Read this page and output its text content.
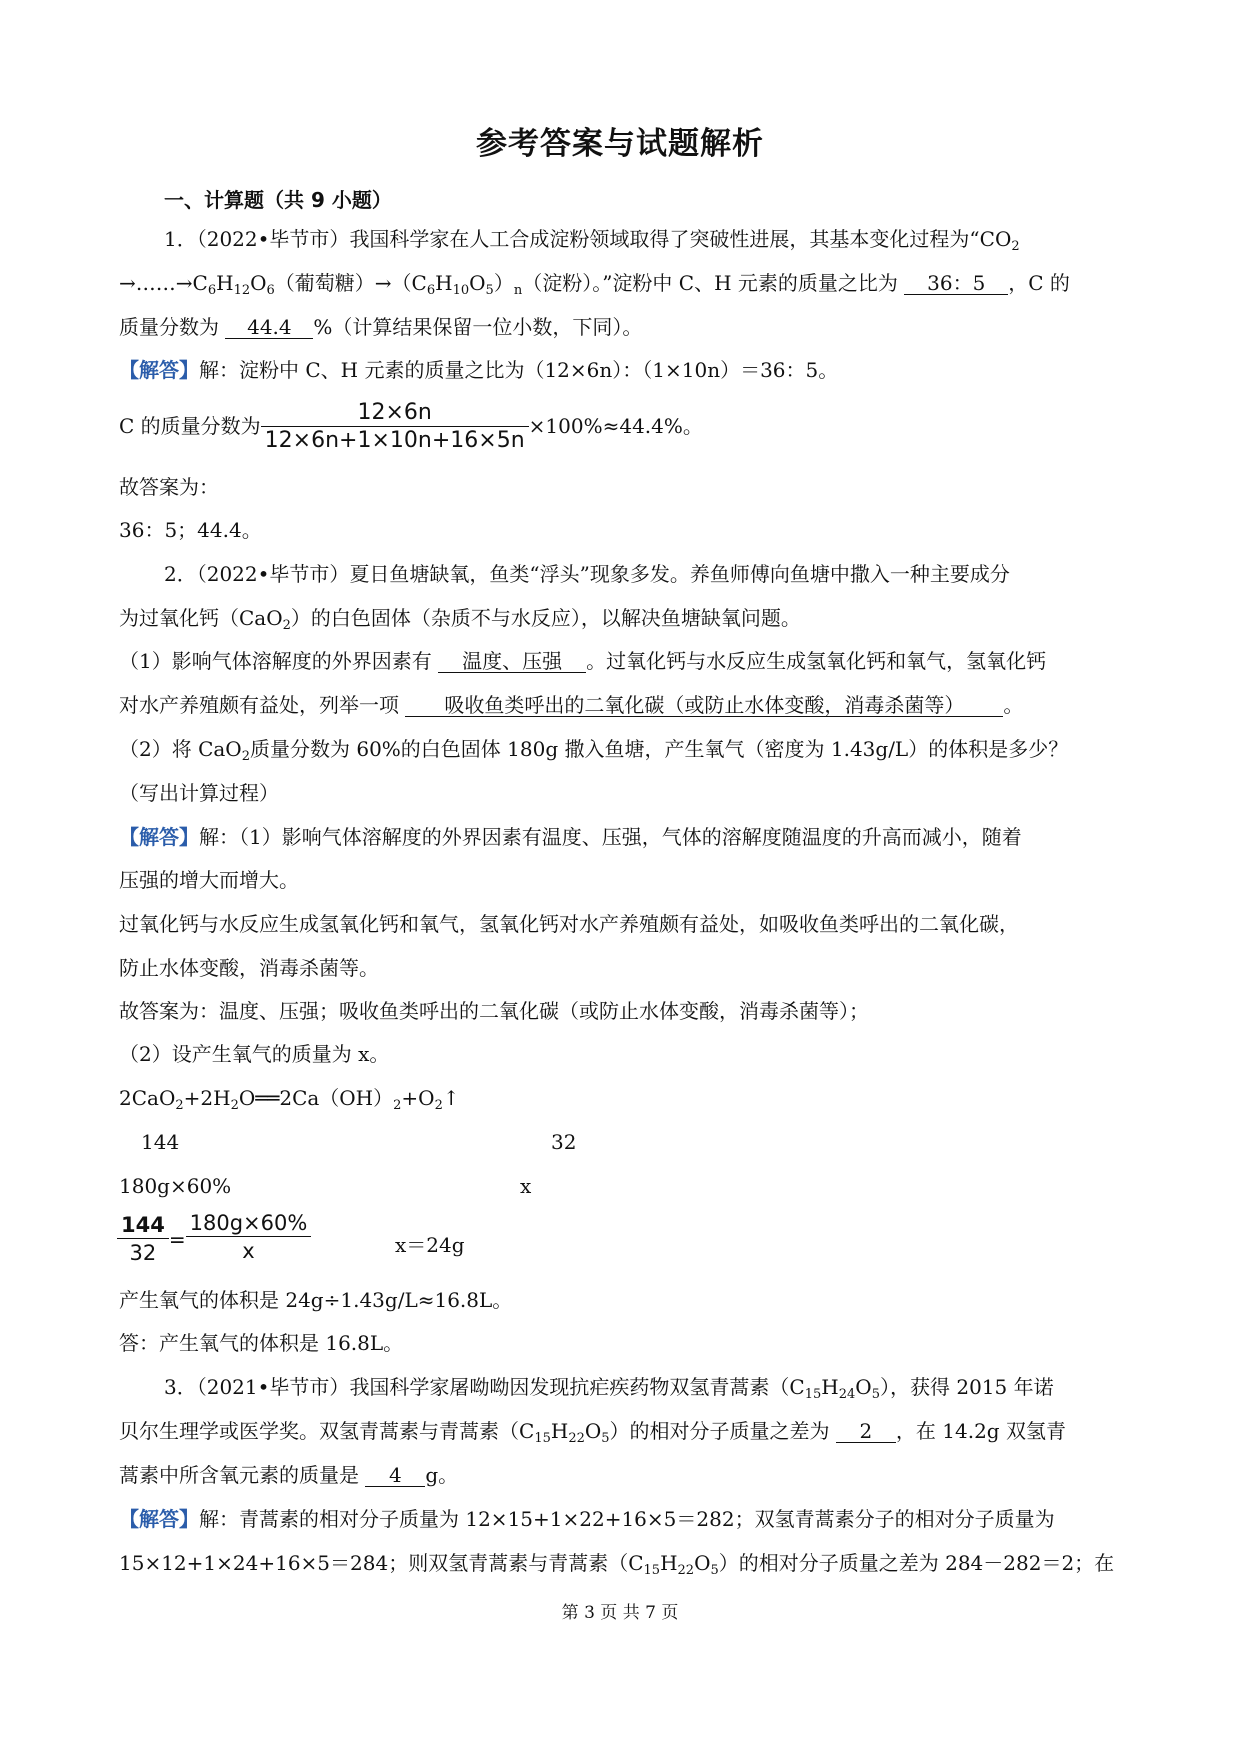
参考答案与试题解析
一、计算题（共 9 小题）
1．（2022•毕节市）我国科学家在人工合成淀粉领域取得了突破性进展，其基本变化过程为“$CO_2$
$\to\dots\dots\to C_6H_{12}O_6$（葡萄糖）$\to(C_6H_{10}O_5)_n$（淀粉）。”淀粉中 C、H 元素的质量之比为 36：5 ，C 的
质量分数为 44.4 %（计算结果保留一位小数，下同）。
【解答】解：淀粉中 C、H 元素的质量之比为（12×6n）：（1×10n）＝36：5。
C 的质量分数为 $\frac{12\times 6n}{12\times 6n+1\times 10n+16\times 5n} \times 100\%\approx 44.4\%$。
故答案为：
36：5；44.4。
2．（2022•毕节市）夏日鱼塘缺氧，鱼类“浮头”现象多发。养鱼师傅向鱼塘中撒入一种主要成分
为过氧化钙（CaO$_2$）的白色固体（杂质不与水反应），以解决鱼塘缺氧问题。
（1）影响气体溶解度的外界因素有 温度、压强 。过氧化钙与水反应生成氢氧化钙和氧气，氢氧化钙
对水产养殖颇有益处，列举一项 吸收鱼类呼出的二氧化碳（或防止水体变酸，消毒杀菌等） 。
（2）将 CaO$_2$质量分数为 60%的白色固体 180g 撒入鱼塘，产生氧气（密度为 1.43g/L）的体积是多少？
（写出计算过程）
【解答】解：（1）影响气体溶解度的外界因素有温度、压强，气体的溶解度随温度的升高而减小，随着
压强的增大而增大。
过氧化钙与水反应生成氢氧化钙和氧气，氢氧化钙对水产养殖颇有益处，如吸收鱼类呼出的二氧化碳，
防止水体变酸，消毒杀菌等。
故答案为：温度、压强；吸收鱼类呼出的二氧化碳（或防止水体变酸，消毒杀菌等）；
（2）设产生氧气的质量为 x。
$2CaO_2+2H_2O══2Ca(OH)_2+O_2↑$
144	32
180g×60%	x
$\frac{144}{32} = \frac{180g\times 60\%}{x}$	x＝24g
产生氧气的体积是 24g÷1.43g/L≈16.8L。
答：产生氧气的体积是 16.8L。
3．（2021•毕节市）我国科学家屠呦呦因发现抗疟疾药物双氢青蒿素$(C_{15}H_{24}O_5)$，获得 2015 年诺
贝尔生理学或医学奖。双氢青蒿素与青蒿素$(C_{15}H_{22}O_5)$的相对分子质量之差为 2 ，在 14.2g 双氢青
蒿素中所含氧元素的质量是 4 g。
【解答】解：青蒿素的相对分子质量为 12×15+1×22+16×5＝282；双氢青蒿素分子的相对分子质量为
15×12+1×24+16×5＝284；则双氢青蒿素与青蒿素$(C_{15}H_{22}O_5)$的相对分子质量之差为 284－282＝2；在
第 3 页 共 7 页
